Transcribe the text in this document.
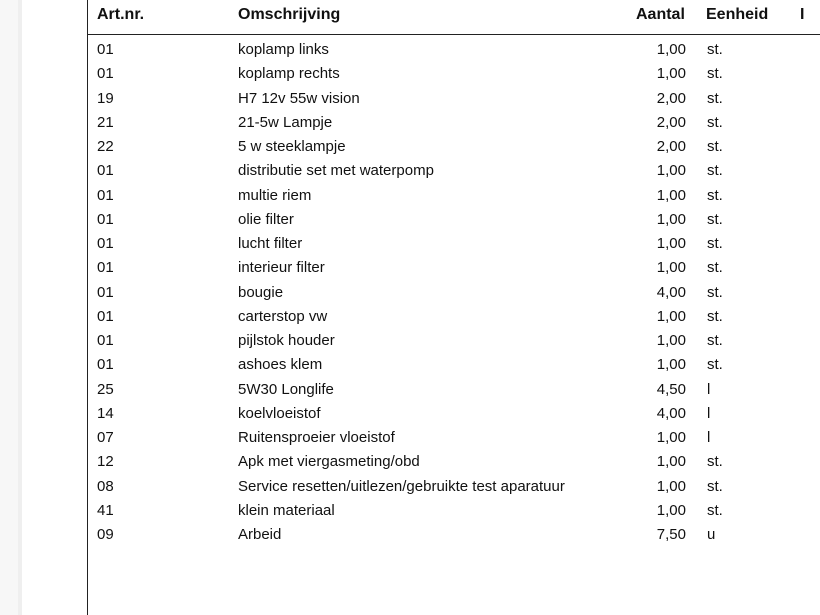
Art.nr.	Omschrijving	Aantal Eenheid I
01	koplamp links	1,00 st.
01	koplamp rechts	1,00 st.
19	H7 12v 55w vision	2,00 st.
21	21-5w Lampje	2,00 st.
22	5 w steeklampje	2,00 st.
01	distributie set met waterpomp	1,00 st.
01	multie riem	1,00 st.
01	olie filter	1,00 st.
01	lucht filter	1,00 st.
01	interieur filter	1,00 st.
01	bougie	4,00 st.
01	carterstop vw	1,00 st.
01	pijlstok houder	1,00 st.
01	ashoes klem	1,00 st.
25	5W30 Longlife	4,50 l
14	koelvloeistof	4,00 l
07	Ruitensproeier vloeistof	1,00 l
12	Apk met viergasmeting/obd	1,00 st.
08	Service resetten/uitlezen/gebruikte test aparatuur	1,00 st.
41	klein materiaal	1,00 st.
09	Arbeid	7,50 u
